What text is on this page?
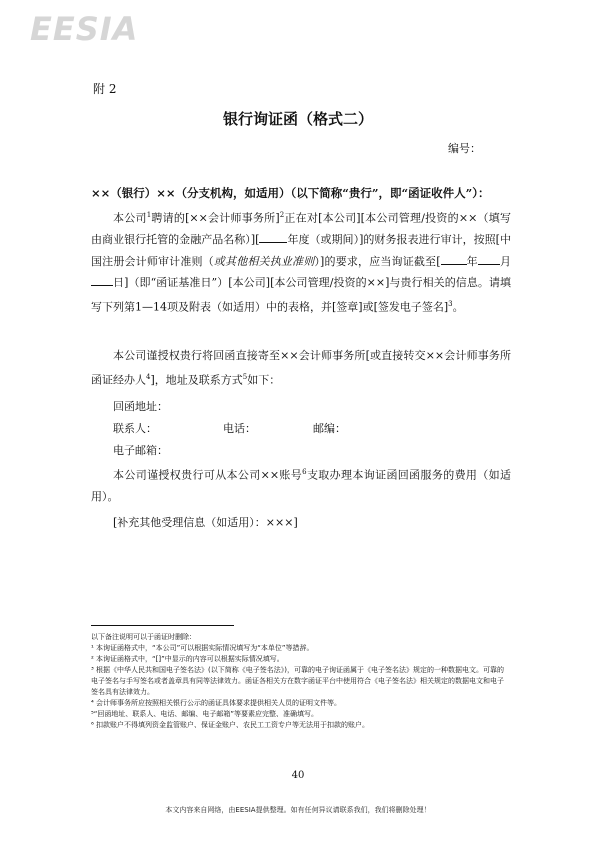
EESIA
附 2
银行询证函（格式二）
编号：
××（银行）××（分支机构，如适用）（以下简称“贵行”，即“函证收件人”）：

本公司$^1$聘请的[××会计师事务所]$^2$正在对[本公司][本公司管理/投资的××（填写由商业银行托管的金融产品名称）][	年度（或期间）]的财务报表进行审计，按照[中国注册会计师审计准则（或其他相关执业准则）]的要求，应当询证截至[ 年 月日]（即“函证基准日”）[本公司][本公司管理/投资的××]与贵行相关的信息。请填写下列第1—14项及附表（如适用）中的表格，并[签章]或[签发电子签名]$^3$。

本公司谨授权贵行将回函直接寄至××会计师事务所[或直接转交××会计师事务所函证经办人$^4$]，地址及联系方式$^5$如下：

回函地址：
联系人：	电话：	邮编：
电子邮箱：

本公司谨授权贵行可从本公司××账号$^6$支取办理本询证函回函服务的费用（如适用）。

[补充其他受理信息（如适用）：×××]

以下备注说明可以于函证时删除：
¹ 本询证函格式中，“本公司”可以根据实际情况填写为“本单位”等措辞。
² 本询证函格式中，“[]”中显示的内容可以根据实际情况填写。
³ 根据《中华人民共和国电子签名法》(以下简称《电子签名法》)，可靠的电子询证函属于《电子签名法》规定的一种数据电文。可靠的电子签名与手写签名或者盖章具有同等法律效力。函证各相关方在数字函证平台中使用符合《电子签名法》相关规定的数据电文和电子签名具有法律效力。
⁴ 会计师事务所应按照相关银行公示的函证具体要求提供相关人员的证明文件等。
⁵“回函地址、联系人、电话、邮编、电子邮箱”等要素应完整、准确填写。
⁶ 扣款账户不得填列资金监管账户、保证金账户、农民工工资专户等无法用于扣款的账户。
40
本文内容来自网络，由EESIA提供整理。如有任何异议请联系我们，我们将删除处理！
